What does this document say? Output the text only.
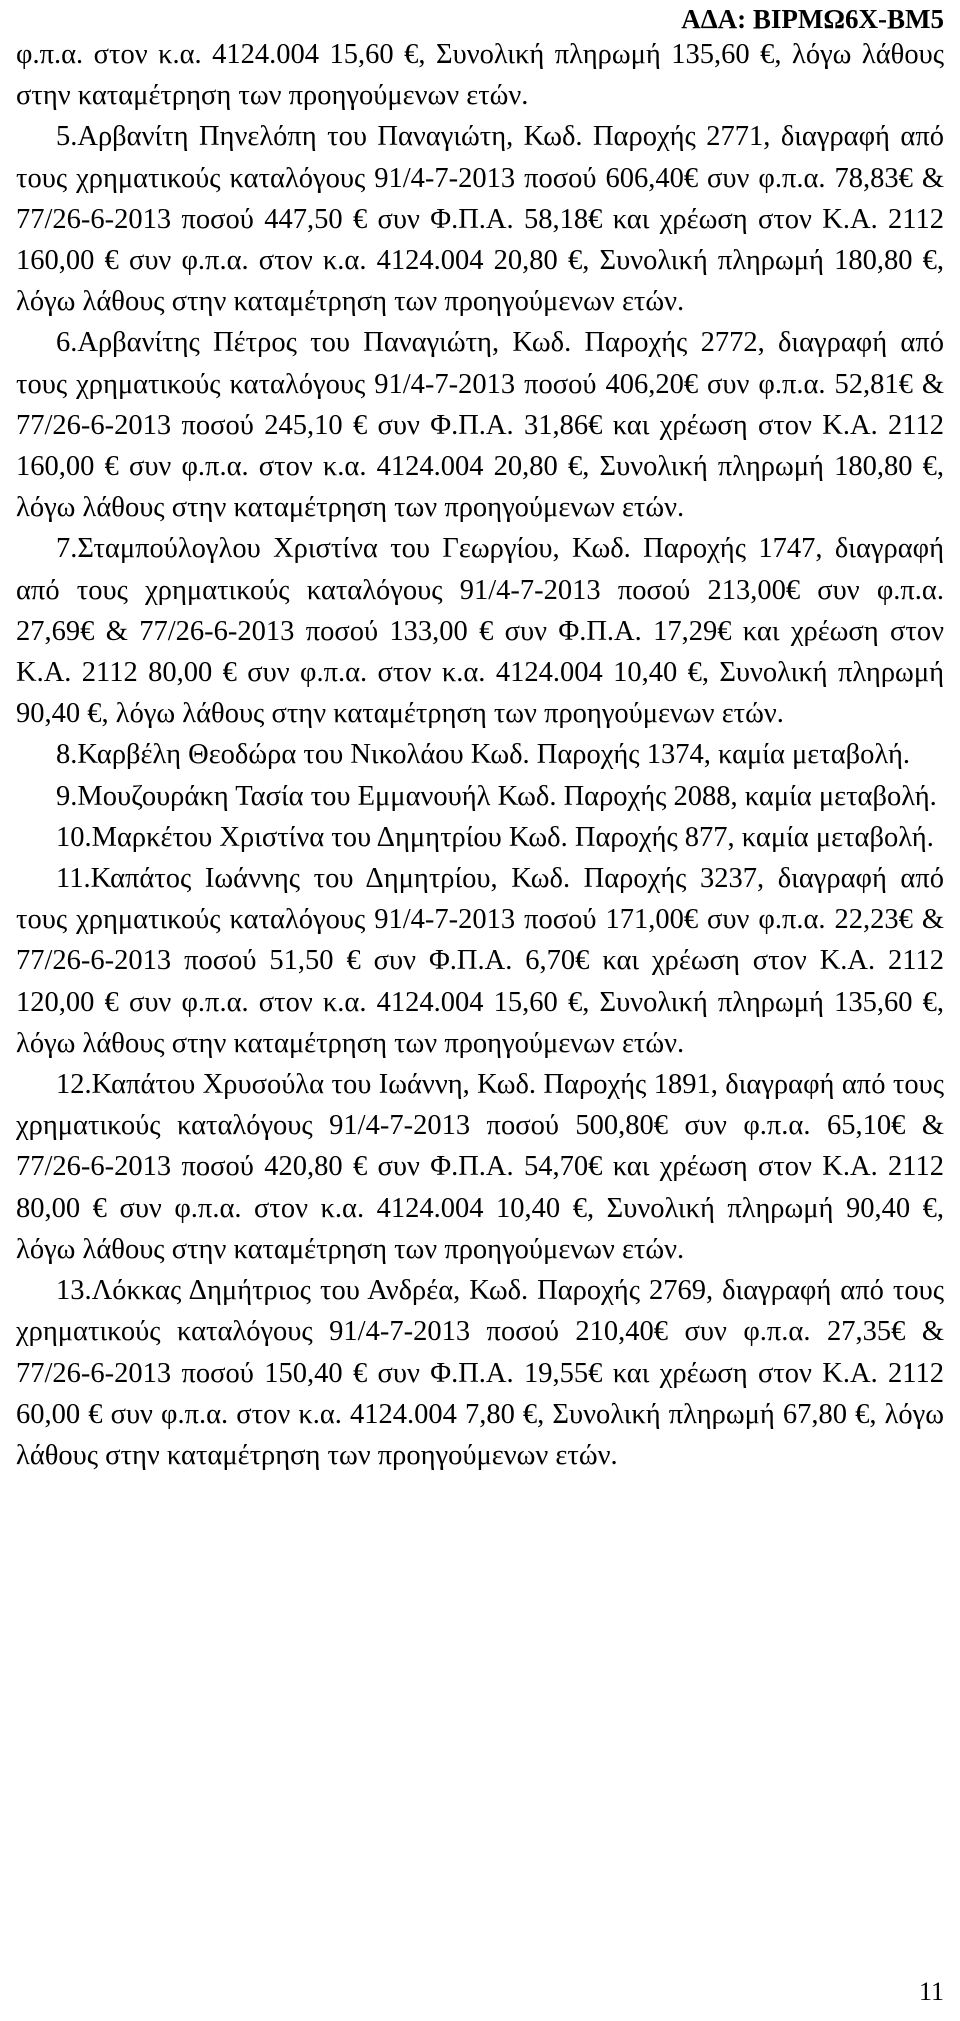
ΑΔΑ: ΒΙΡΜΩ6Χ-ΒΜ5

φ.π.α. στον κ.α. 4124.004 15,60 €, Συνολική πληρωμή 135,60 €, λόγω λάθους στην καταμέτρηση των προηγούμενων ετών.

5.Αρβανίτη Πηνελόπη του Παναγιώτη, Κωδ. Παροχής 2771, διαγραφή από τους χρηματικούς καταλόγους 91/4-7-2013 ποσού 606,40€ συν φ.π.α. 78,83€ & 77/26-6-2013 ποσού 447,50 € συν Φ.Π.Α. 58,18€ και χρέωση στον Κ.Α. 2112 160,00 € συν φ.π.α. στον κ.α. 4124.004 20,80 €, Συνολική πληρωμή 180,80 €, λόγω λάθους στην καταμέτρηση των προηγούμενων ετών.

6.Αρβανίτης Πέτρος του Παναγιώτη, Κωδ. Παροχής 2772, διαγραφή από τους χρηματικούς καταλόγους 91/4-7-2013 ποσού 406,20€ συν φ.π.α. 52,81€ & 77/26-6-2013 ποσού 245,10 € συν Φ.Π.Α. 31,86€ και χρέωση στον Κ.Α. 2112 160,00 € συν φ.π.α. στον κ.α. 4124.004 20,80 €, Συνολική πληρωμή 180,80 €, λόγω λάθους στην καταμέτρηση των προηγούμενων ετών.

7.Σταμπούλογλου Χριστίνα του Γεωργίου, Κωδ. Παροχής 1747, διαγραφή από τους χρηματικούς καταλόγους 91/4-7-2013 ποσού 213,00€ συν φ.π.α. 27,69€ & 77/26-6-2013 ποσού 133,00 € συν Φ.Π.Α. 17,29€ και χρέωση στον Κ.Α. 2112 80,00 € συν φ.π.α. στον κ.α. 4124.004 10,40 €, Συνολική πληρωμή 90,40 €, λόγω λάθους στην καταμέτρηση των προηγούμενων ετών.

8.Καρβέλη Θεοδώρα του Νικολάου Κωδ. Παροχής 1374, καμία μεταβολή.

9.Μουζουράκη Τασία του Εμμανουήλ Κωδ. Παροχής 2088, καμία μεταβολή.

10.Μαρκέτου Χριστίνα του Δημητρίου Κωδ. Παροχής 877, καμία μεταβολή.

11.Καπάτος Ιωάννης του Δημητρίου, Κωδ. Παροχής 3237, διαγραφή από τους χρηματικούς καταλόγους 91/4-7-2013 ποσού 171,00€ συν φ.π.α. 22,23€ & 77/26-6-2013 ποσού 51,50 € συν Φ.Π.Α. 6,70€ και χρέωση στον Κ.Α. 2112 120,00 € συν φ.π.α. στον κ.α. 4124.004 15,60 €, Συνολική πληρωμή 135,60 €, λόγω λάθους στην καταμέτρηση των προηγούμενων ετών.

12.Καπάτου Χρυσούλα του Ιωάννη, Κωδ. Παροχής 1891, διαγραφή από τους χρηματικούς καταλόγους 91/4-7-2013 ποσού 500,80€ συν φ.π.α. 65,10€ & 77/26-6-2013 ποσού 420,80 € συν Φ.Π.Α. 54,70€ και χρέωση στον Κ.Α. 2112 80,00 € συν φ.π.α. στον κ.α. 4124.004 10,40 €, Συνολική πληρωμή 90,40 €, λόγω λάθους στην καταμέτρηση των προηγούμενων ετών.

13.Λόκκας Δημήτριος του Ανδρέα, Κωδ. Παροχής 2769, διαγραφή από τους χρηματικούς καταλόγους 91/4-7-2013 ποσού 210,40€ συν φ.π.α. 27,35€ & 77/26-6-2013 ποσού 150,40 € συν Φ.Π.Α. 19,55€ και χρέωση στον Κ.Α. 2112 60,00 € συν φ.π.α. στον κ.α. 4124.004 7,80 €, Συνολική πληρωμή 67,80 €, λόγω λάθους στην καταμέτρηση των προηγούμενων ετών.

11
